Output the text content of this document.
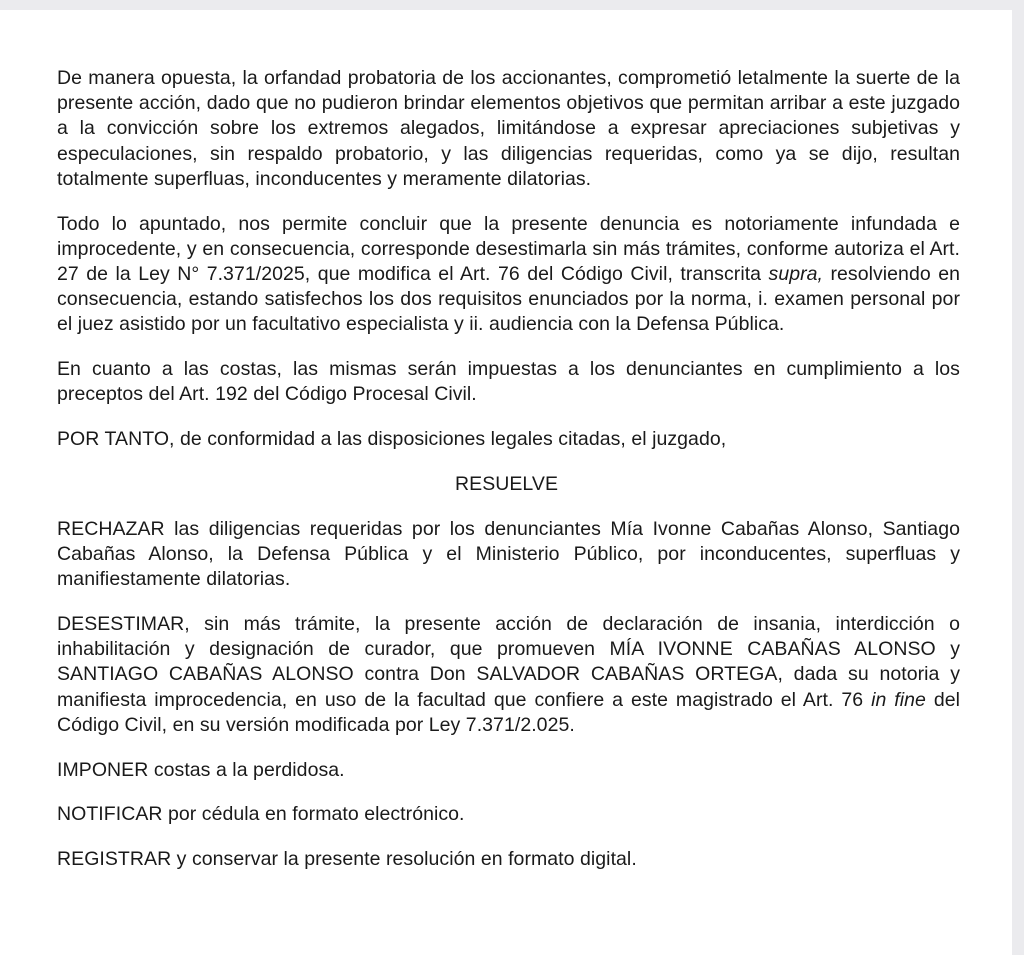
De manera opuesta, la orfandad probatoria de los accionantes, comprometió letalmente la suerte de la presente acción, dado que no pudieron brindar elementos objetivos que permitan arribar a este juzgado a la convicción sobre los extremos alegados, limitándose a expresar apreciaciones subjetivas y especulaciones, sin respaldo probatorio, y las diligencias requeridas, como ya se dijo, resultan totalmente superfluas, inconducentes y meramente dilatorias.

Todo lo apuntado, nos permite concluir que la presente denuncia es notoriamente infundada e improcedente, y en consecuencia, corresponde desestimarla sin más trámites, conforme autoriza el Art. 27 de la Ley N° 7.371/2025, que modifica el Art. 76 del Código Civil, transcrita supra, resolviendo en consecuencia, estando satisfechos los dos requisitos enunciados por la norma, i. examen personal por el juez asistido por un facultativo especialista y ii. audiencia con la Defensa Pública.

En cuanto a las costas, las mismas serán impuestas a los denunciantes en cumplimiento a los preceptos del Art. 192 del Código Procesal Civil.

POR TANTO, de conformidad a las disposiciones legales citadas, el juzgado,

RESUELVE

RECHAZAR las diligencias requeridas por los denunciantes Mía Ivonne Cabañas Alonso, Santiago Cabañas Alonso, la Defensa Pública y el Ministerio Público, por inconducentes, superfluas y manifiestamente dilatorias.

DESESTIMAR, sin más trámite, la presente acción de declaración de insania, interdicción o inhabilitación y designación de curador, que promueven MÍA IVONNE CABAÑAS ALONSO y SANTIAGO CABAÑAS ALONSO contra Don SALVADOR CABAÑAS ORTEGA, dada su notoria y manifiesta improcedencia, en uso de la facultad que confiere a este magistrado el Art. 76 in fine del Código Civil, en su versión modificada por Ley 7.371/2.025.

IMPONER costas a la perdidosa.

NOTIFICAR por cédula en formato electrónico.

REGISTRAR y conservar la presente resolución en formato digital.
